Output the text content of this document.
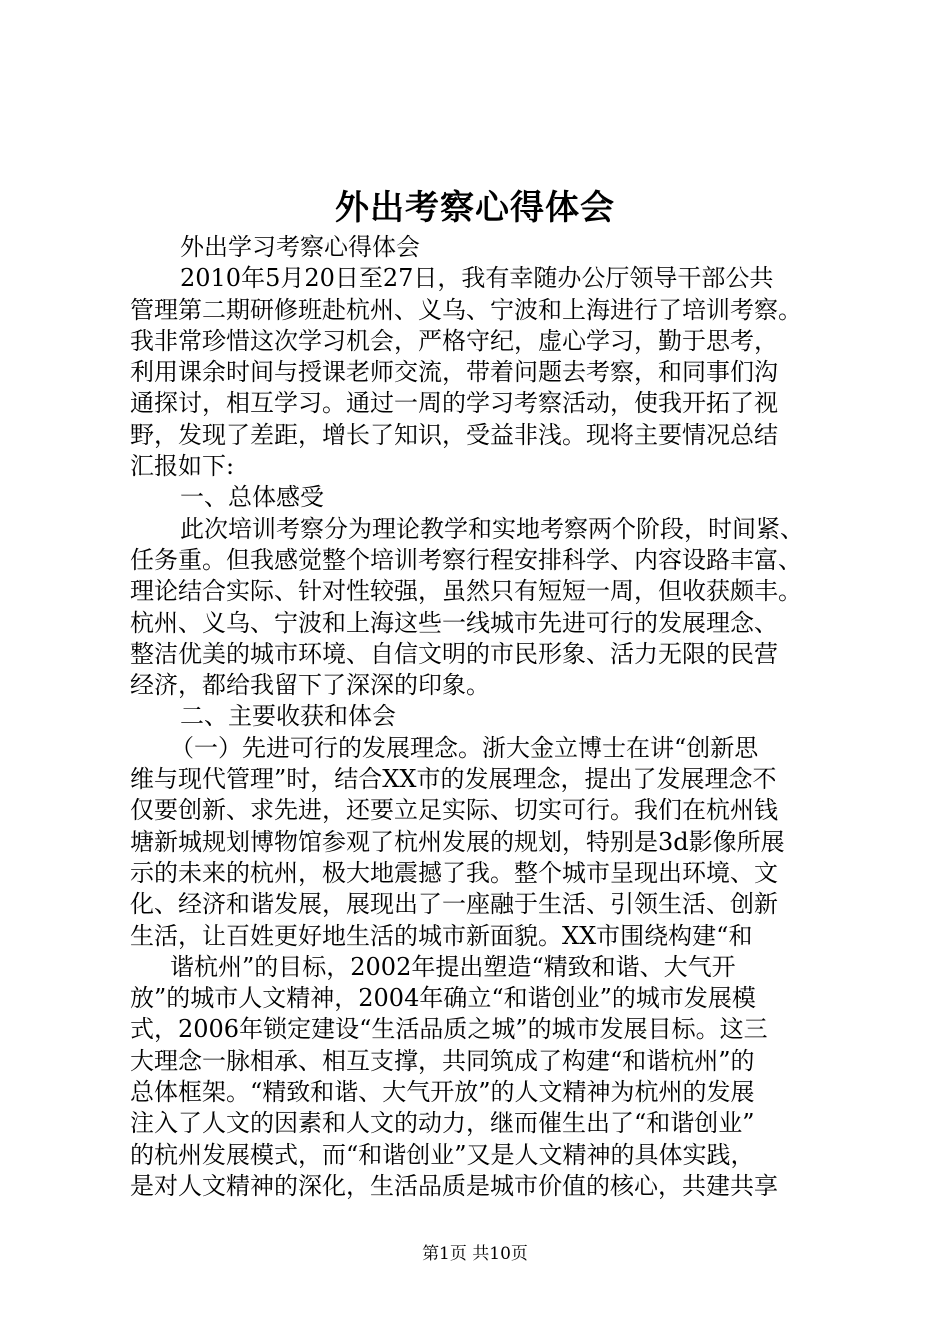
外出考察心得体会
外出学习考察心得体会
2010年5月20日至27日，我有幸随办公厅领导干部公共
管理第二期研修班赴杭州、义乌、宁波和上海进行了培训考察。
我非常珍惜这次学习机会，严格守纪，虚心学习，勤于思考，
利用课余时间与授课老师交流，带着问题去考察，和同事们沟
通探讨，相互学习。通过一周的学习考察活动，使我开拓了视
野，发现了差距，增长了知识，受益非浅。现将主要情况总结
汇报如下:
一、总体感受
此次培训考察分为理论教学和实地考察两个阶段，时间紧、
任务重。但我感觉整个培训考察行程安排科学、内容设路丰富、
理论结合实际、针对性较强，虽然只有短短一周，但收获颇丰。
杭州、义乌、宁波和上海这些一线城市先进可行的发展理念、
整洁优美的城市环境、自信文明的市民形象、活力无限的民营
经济，都给我留下了深深的印象。
二、主要收获和体会
（一）先进可行的发展理念。浙大金立博士在讲“创新思
维与现代管理”时，结合XX市的发展理念，提出了发展理念不
仅要创新、求先进，还要立足实际、切实可行。我们在杭州钱
塘新城规划博物馆参观了杭州发展的规划，特别是3d影像所展
示的未来的杭州，极大地震撼了我。整个城市呈现出环境、文
化、经济和谐发展，展现出了一座融于生活、引领生活、创新
生活，让百姓更好地生活的城市新面貌。XX市围绕构建“和
谐杭州”的目标，2002年提出塑造“精致和谐、大气开
放”的城市人文精神，2004年确立“和谐创业”的城市发展模
式，2006年锁定建设“生活品质之城”的城市发展目标。这三
大理念一脉相承、相互支撑，共同筑成了构建“和谐杭州”的
总体框架。“精致和谐、大气开放”的人文精神为杭州的发展
注入了人文的因素和人文的动力，继而催生出了“和谐创业”
的杭州发展模式，而“和谐创业”又是人文精神的具体实践，
是对人文精神的深化，生活品质是城市价值的核心，共建共享
第1页 共10页
